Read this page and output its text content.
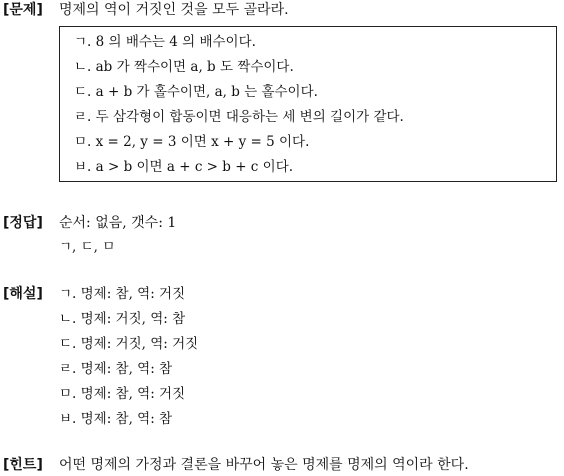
[문제] 명제의 역이 거짓인 것을 모두 골라라.
ㄱ. 8 의 배수는 4 의 배수이다.
ㄴ. ab 가 짝수이면 a, b 도 짝수이다.
ㄷ. a + b 가 홀수이면, a, b 는 홀수이다.
ㄹ. 두 삼각형이 합동이면 대응하는 세 변의 길이가 같다.
ㅁ. x = 2, y = 3 이면 x + y = 5 이다.
ㅂ. a > b 이면 a + c > b + c 이다.
[정답] 순서: 없음, 갯수: 1
ㄱ, ㄷ, ㅁ
[해설] ㄱ. 명제: 참, 역: 거짓
ㄴ. 명제: 거짓, 역: 참
ㄷ. 명제: 거짓, 역: 거짓
ㄹ. 명제: 참, 역: 참
ㅁ. 명제: 참, 역: 거짓
ㅂ. 명제: 참, 역: 참
[힌트] 어떤 명제의 가정과 결론을 바꾸어 놓은 명제를 명제의 역이라 한다.
